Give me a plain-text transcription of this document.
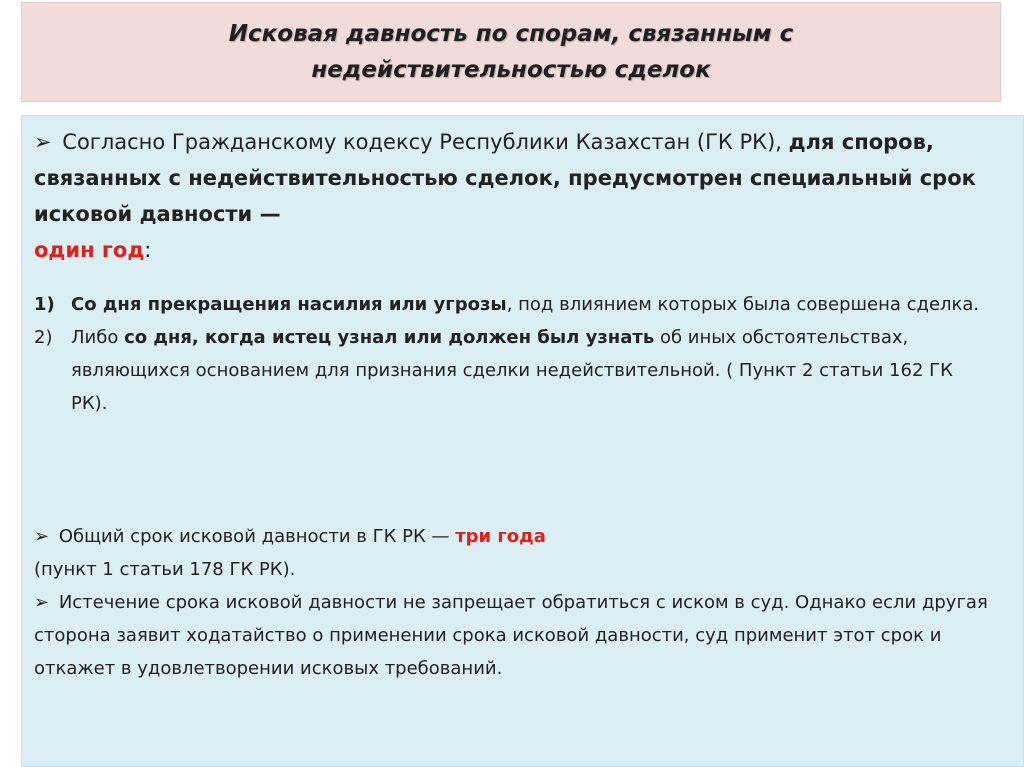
Исковая давность по спорам, связанным с
недействительностью сделок

➢ Согласно Гражданскому кодексу Республики Казахстан (ГК РК), для споров, связанных с недействительностью сделок, предусмотрен специальный срок исковой давности —
один год:

1) Со дня прекращения насилия или угрозы, под влиянием которых была совершена сделка.
2) Либо со дня, когда истец узнал или должен был узнать об иных обстоятельствах, являющихся основанием для признания сделки недействительной. ( Пункт 2 статьи 162 ГК РК).

➢ Общий срок исковой давности в ГК РК — три года
(пункт 1 статьи 178 ГК РК).

➢ Истечение срока исковой давности не запрещает обратиться с иском в суд. Однако если другая сторона заявит ходатайство о применении срока исковой давности, суд применит этот срок и откажет в удовлетворении исковых требований.
